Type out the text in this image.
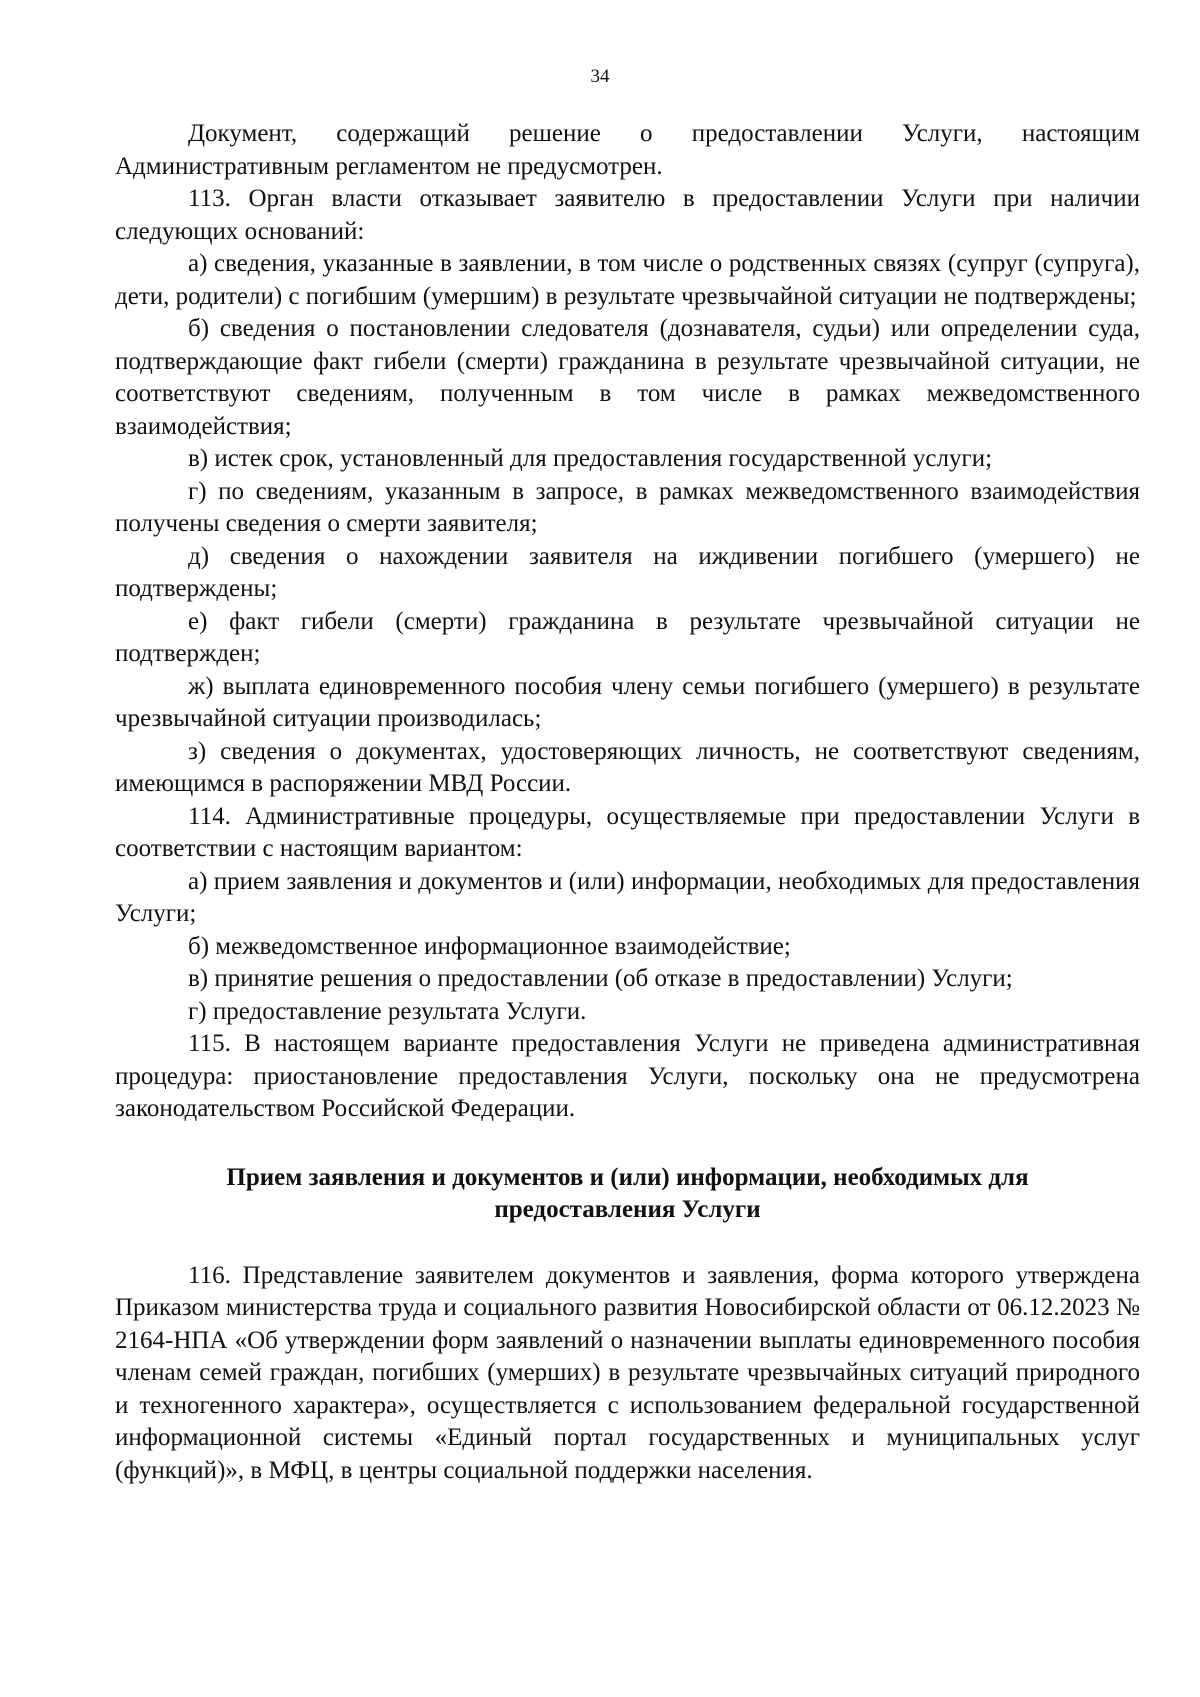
34

Документ, содержащий решение о предоставлении Услуги, настоящим Административным регламентом не предусмотрен.

113. Орган власти отказывает заявителю в предоставлении Услуги при наличии следующих оснований:

а) сведения, указанные в заявлении, в том числе о родственных связях (супруг (супруга), дети, родители) с погибшим (умершим) в результате чрезвычайной ситуации не подтверждены;

б) сведения о постановлении следователя (дознавателя, судьи) или определении суда, подтверждающие факт гибели (смерти) гражданина в результате чрезвычайной ситуации, не соответствуют сведениям, полученным в том числе в рамках межведомственного взаимодействия;

в) истек срок, установленный для предоставления государственной услуги;

г) по сведениям, указанным в запросе, в рамках межведомственного взаимодействия получены сведения о смерти заявителя;

д) сведения о нахождении заявителя на иждивении погибшего (умершего) не подтверждены;

е) факт гибели (смерти) гражданина в результате чрезвычайной ситуации не подтвержден;

ж) выплата единовременного пособия члену семьи погибшего (умершего) в результате чрезвычайной ситуации производилась;

з) сведения о документах, удостоверяющих личность, не соответствуют сведениям, имеющимся в распоряжении МВД России.

114. Административные процедуры, осуществляемые при предоставлении Услуги в соответствии с настоящим вариантом:

а) прием заявления и документов и (или) информации, необходимых для предоставления Услуги;

б) межведомственное информационное взаимодействие;

в) принятие решения о предоставлении (об отказе в предоставлении) Услуги;

г) предоставление результата Услуги.

115. В настоящем варианте предоставления Услуги не приведена административная процедура: приостановление предоставления Услуги, поскольку она не предусмотрена законодательством Российской Федерации.

Прием заявления и документов и (или) информации, необходимых для предоставления Услуги

116. Представление заявителем документов и заявления, форма которого утверждена Приказом министерства труда и социального развития Новосибирской области от 06.12.2023 № 2164-НПА «Об утверждении форм заявлений о назначении выплаты единовременного пособия членам семей граждан, погибших (умерших) в результате чрезвычайных ситуаций природного и техногенного характера», осуществляется с использованием федеральной государственной информационной системы «Единый портал государственных и муниципальных услуг (функций)», в МФЦ, в центры социальной поддержки населения.
